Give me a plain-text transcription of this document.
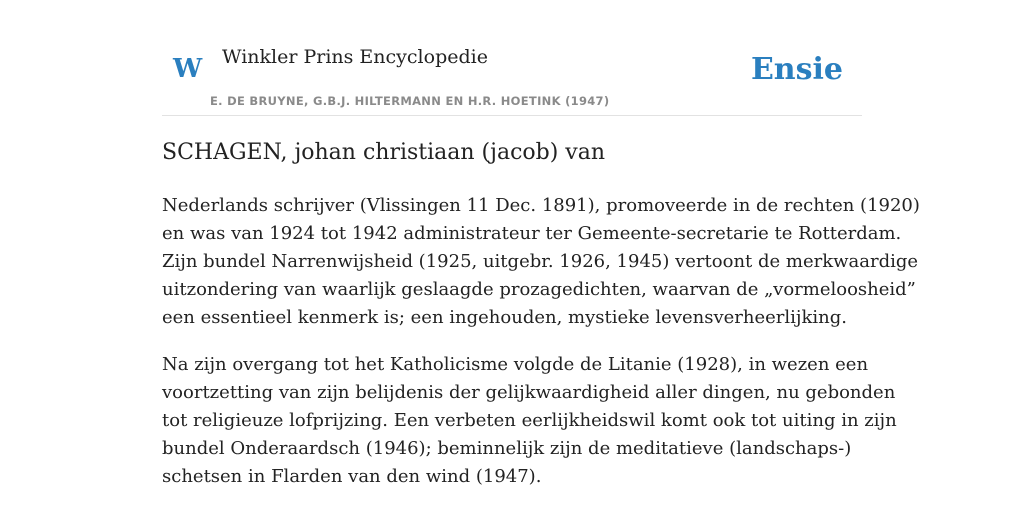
W Winkler Prins Encyclopedie
E. DE BRUYNE, G.B.J. HILTERMANN EN H.R. HOETINK (1947)
Ensie
SCHAGEN, johan christiaan (jacob) van

Nederlands schrijver (Vlissingen 11 Dec. 1891), promoveerde in de rechten (1920)
en was van 1924 tot 1942 administrateur ter Gemeente-secretarie te Rotterdam.
Zijn bundel Narrenwijsheid (1925, uitgebr. 1926, 1945) vertoont de merkwaardige
uitzondering van waarlijk geslaagde prozagedichten, waarvan de „vormeloosheid”
een essentieel kenmerk is; een ingehouden, mystieke levensverheerlijking.

Na zijn overgang tot het Katholicisme volgde de Litanie (1928), in wezen een
voortzetting van zijn belijdenis der gelijkwaardigheid aller dingen, nu gebonden
tot religieuze lofprijzing. Een verbeten eerlijkheidswil komt ook tot uiting in zijn
bundel Onderaardsch (1946); beminnelijk zijn de meditatieve (landschaps-)
schetsen in Flarden van den wind (1947).
